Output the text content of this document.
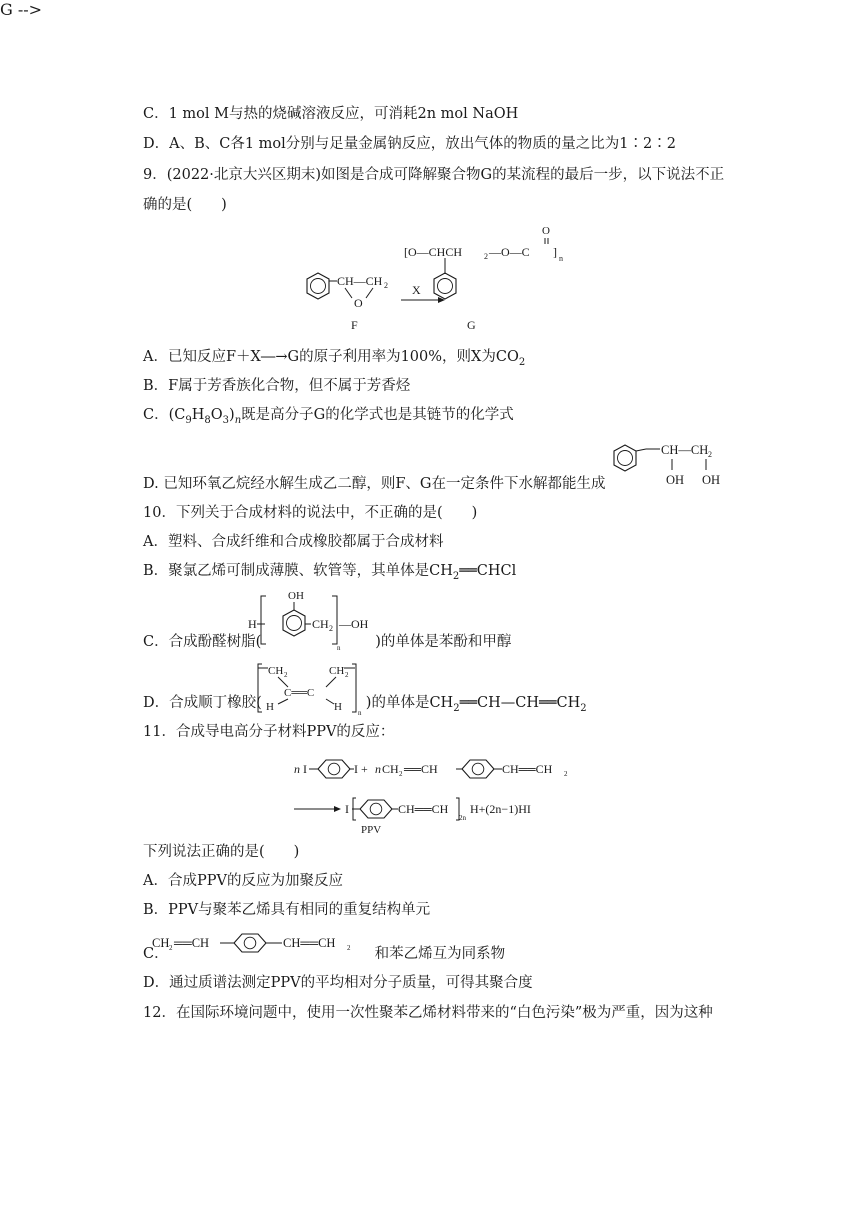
C．1 mol M与热的烧碱溶液反应，可消耗2n mol NaOH
D．A、B、C各1 mol分别与足量金属钠反应，放出气体的物质的量之比为1∶2∶2
9．(2022·北京大兴区期末)如图是合成可降解聚合物G的某流程的最后一步，以下说法不正
确的是(　　)
G -->
CH—CH 2
O
F
X
[O—CHCH	2 —O—C
O
] n
G
A．已知反应F＋X―→G的原子利用率为100%，则X为$CO_2$
B．F属于芳香族化合物，但不属于芳香烃
C．$(C_9H_8O_3)_n$既是高分子G的化学式也是其链节的化学式
D. 已知环氧乙烷经水解生成乙二醇，则F、G在一定条件下水解都能生成
CH—CH 2
OH OH
10．下列关于合成材料的说法中，不正确的是(　　)
A．塑料、合成纤维和合成橡胶都属于合成材料
B．聚氯乙烯可制成薄膜、软管等，其单体是$CH_2══CHCl$
C．合成酚醛树脂(	)的单体是苯酚和甲醇
H
OH
CH 2 —OH
n
D．合成顺丁橡胶(	)的单体是$CH_2══CH—CH══CH_2$
CH 2
C══C
CH 2
H	H n
11．合成导电高分子材料PPV的反应：
n I	I + n CH 2 ══CH	CH══CH 2
I	CH══CH
2n
H+(2n−1)HI
PPV
下列说法正确的是(　　)
A．合成PPV的反应为加聚反应
B．PPV与聚苯乙烯具有相同的重复结构单元
C．	和苯乙烯互为同系物
CH 2 ══CH	CH══CH 2
D．通过质谱法测定PPV的平均相对分子质量，可得其聚合度
12．在国际环境问题中，使用一次性聚苯乙烯材料带来的“白色污染”极为严重，因为这种
